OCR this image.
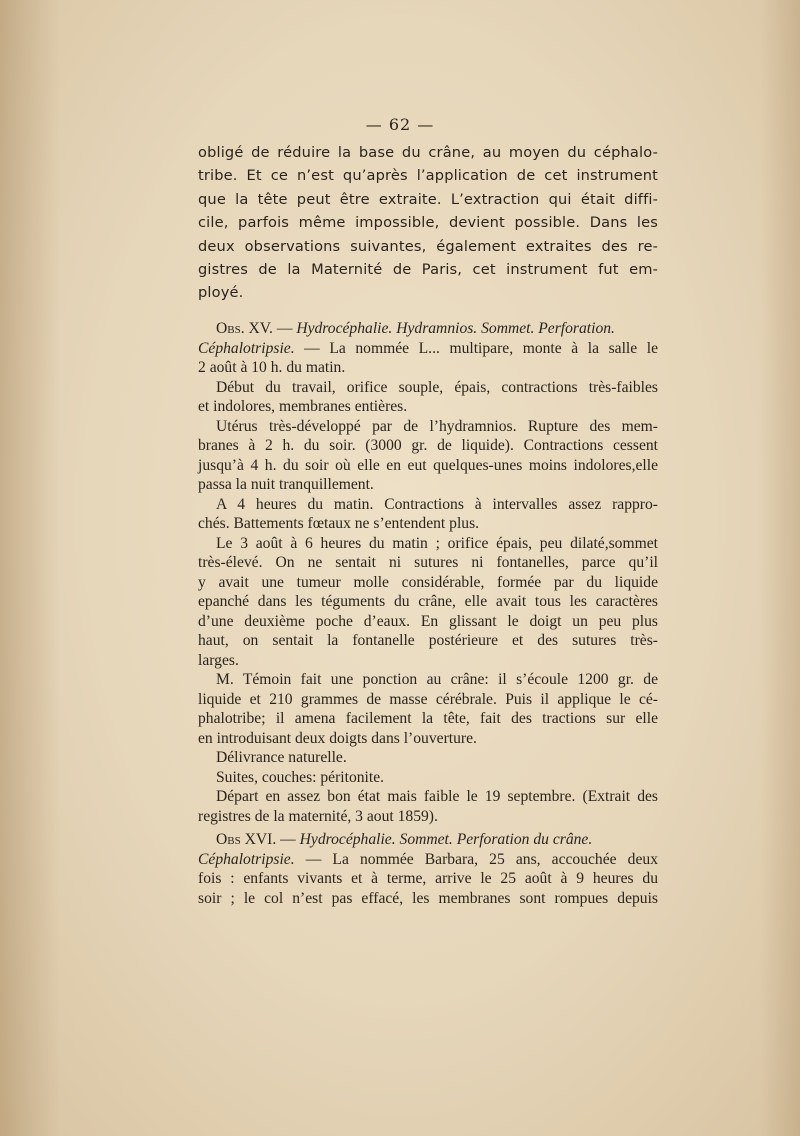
— 62 —
obligé de réduire la base du crâne, au moyen du céphalo-
tribe. Et ce n’est qu’après l’application de cet instrument
que la tête peut être extraite. L’extraction qui était diffi-
cile, parfois même impossible, devient possible. Dans les
deux observations suivantes, également extraites des re-
gistres de la Maternité de Paris, cet instrument fut em-
ployé.
Obs. XV. — Hydrocéphalie. Hydramnios. Sommet. Perforation.
Céphalotripsie. — La nommée L... multipare, monte à la salle le
2 août à 10 h. du matin.
Début du travail, orifice souple, épais, contractions très-faibles
et indolores, membranes entières.
Utérus très-développé par de l’hydramnios. Rupture des mem-
branes à 2 h. du soir. (3000 gr. de liquide). Contractions cessent
jusqu’à 4 h. du soir où elle en eut quelques-unes moins indolores,elle
passa la nuit tranquillement.
A 4 heures du matin. Contractions à intervalles assez rappro-
chés. Battements fœtaux ne s’entendent plus.
Le 3 août à 6 heures du matin ; orifice épais, peu dilaté,sommet
très-élevé. On ne sentait ni sutures ni fontanelles, parce qu’il
y avait une tumeur molle considérable, formée par du liquide
epanché dans les téguments du crâne, elle avait tous les caractères
d’une deuxième poche d’eaux. En glissant le doigt un peu plus
haut, on sentait la fontanelle postérieure et des sutures très-
larges.
M. Témoin fait une ponction au crâne: il s’écoule 1200 gr. de
liquide et 210 grammes de masse cérébrale. Puis il applique le cé-
phalotribe; il amena facilement la tête, fait des tractions sur elle
en introduisant deux doigts dans l’ouverture.
Délivrance naturelle.
Suites, couches: péritonite.
Départ en assez bon état mais faible le 19 septembre. (Extrait des
registres de la maternité, 3 aout 1859).
Obs XVI. — Hydrocéphalie. Sommet. Perforation du crâne.
Céphalotripsie. — La nommée Barbara, 25 ans, accouchée deux
fois : enfants vivants et à terme, arrive le 25 août à 9 heures du
soir ; le col n’est pas effacé, les membranes sont rompues depuis
